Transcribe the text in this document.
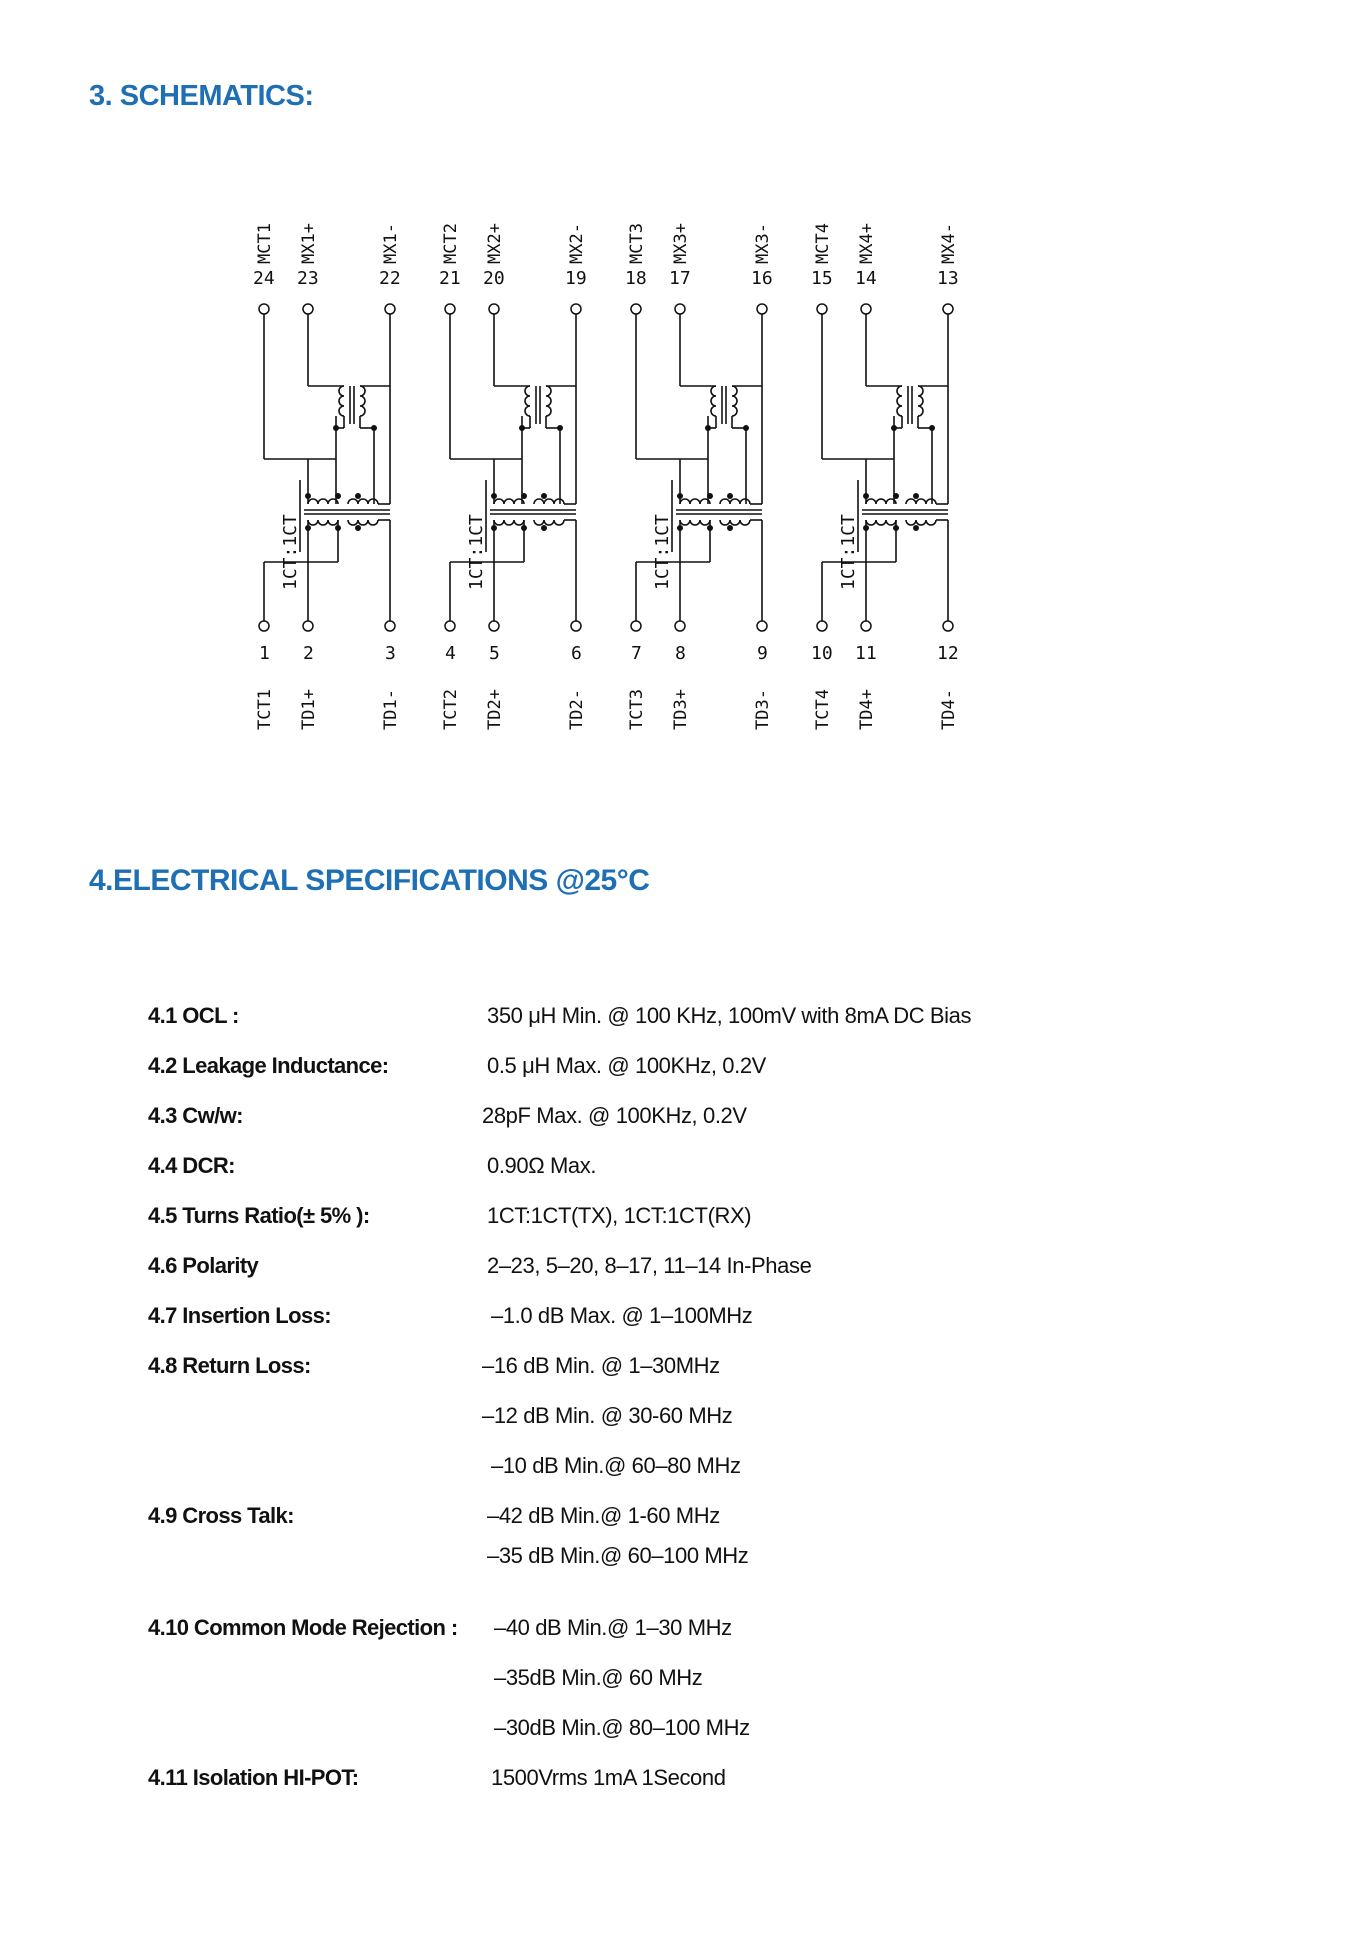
3. SCHEMATICS:
24
MCT1
1
TCT1
23
MX1+
2
TD1+
22
MX1-
3
TD1-
1CT:1CT
21
MCT2
4
TCT2
20
MX2+
5
TD2+
19
MX2-
6
TD2-
1CT:1CT
18
MCT3
7
TCT3
17
MX3+
8
TD3+
16
MX3-
9
TD3-
1CT:1CT
15
MCT4
10
TCT4
14
MX4+
11
TD4+
13
MX4-
12
TD4-
1CT:1CT
4.ELECTRICAL SPECIFICATIONS @25°C
4.1 OCL :	350 μH Min. @ 100 KHz, 100mV with 8mA DC Bias
4.2 Leakage Inductance:	0.5 μH Max. @ 100KHz, 0.2V
4.3 Cw/w:	28pF Max. @ 100KHz, 0.2V
4.4 DCR:	0.90Ω Max.
4.5 Turns Ratio(± 5% ):	1CT:1CT(TX), 1CT:1CT(RX)
4.6 Polarity	2–23, 5–20, 8–17, 11–14 In-Phase
4.7 Insertion Loss:	–1.0 dB Max. @ 1–100MHz
4.8 Return Loss:	–16 dB Min. @ 1–30MHz
–12 dB Min. @ 30-60 MHz
–10 dB Min.@ 60–80 MHz
4.9 Cross Talk:	–42 dB Min.@ 1-60 MHz
–35 dB Min.@ 60–100 MHz
4.10 Common Mode Rejection : –40 dB Min.@ 1–30 MHz
–35dB Min.@ 60 MHz
–30dB Min.@ 80–100 MHz
4.11 Isolation HI-POT:	1500Vrms 1mA 1Second
